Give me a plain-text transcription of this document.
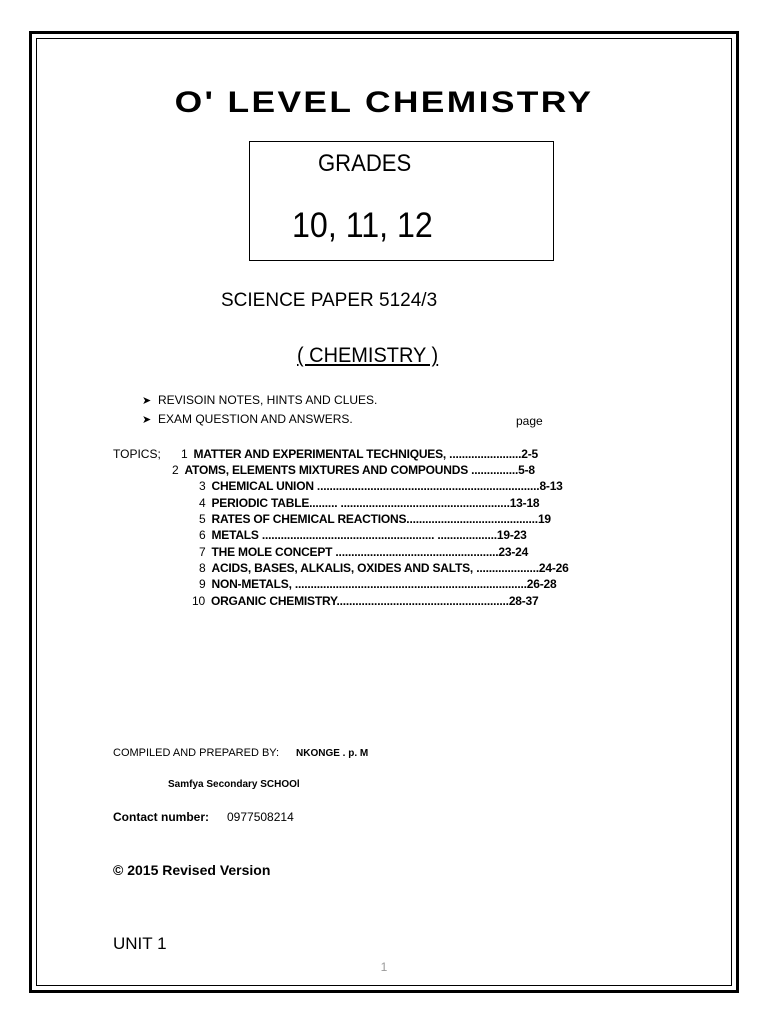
O' LEVEL CHEMISTRY
GRADES
10, 11, 12
SCIENCE PAPER 5124/3
( CHEMISTRY )
➤ REVISOIN NOTES, HINTS AND CLUES.
➤ EXAM QUESTION AND ANSWERS.	page
TOPICS; 1 MATTER AND EXPERIMENTAL TECHNIQUES, .......................2-5
2 ATOMS, ELEMENTS MIXTURES AND COMPOUNDS ...............5-8
3 CHEMICAL UNION .......................................................................8-13
4 PERIODIC TABLE......... ......................................................13-18
5 RATES OF CHEMICAL REACTIONS..........................................19
6 METALS ....................................................... ...................19-23
7 THE MOLE CONCEPT ....................................................23-24
8 ACIDS, BASES, ALKALIS, OXIDES AND SALTS, ....................24-26
9 NON-METALS, ..........................................................................26-28
10 ORGANIC CHEMISTRY.......................................................28-37
COMPILED AND PREPARED BY: NKONGE . p. M
Samfya Secondary SCHOOl
Contact number: 0977508214
© 2015 Revised Version
UNIT 1
1
